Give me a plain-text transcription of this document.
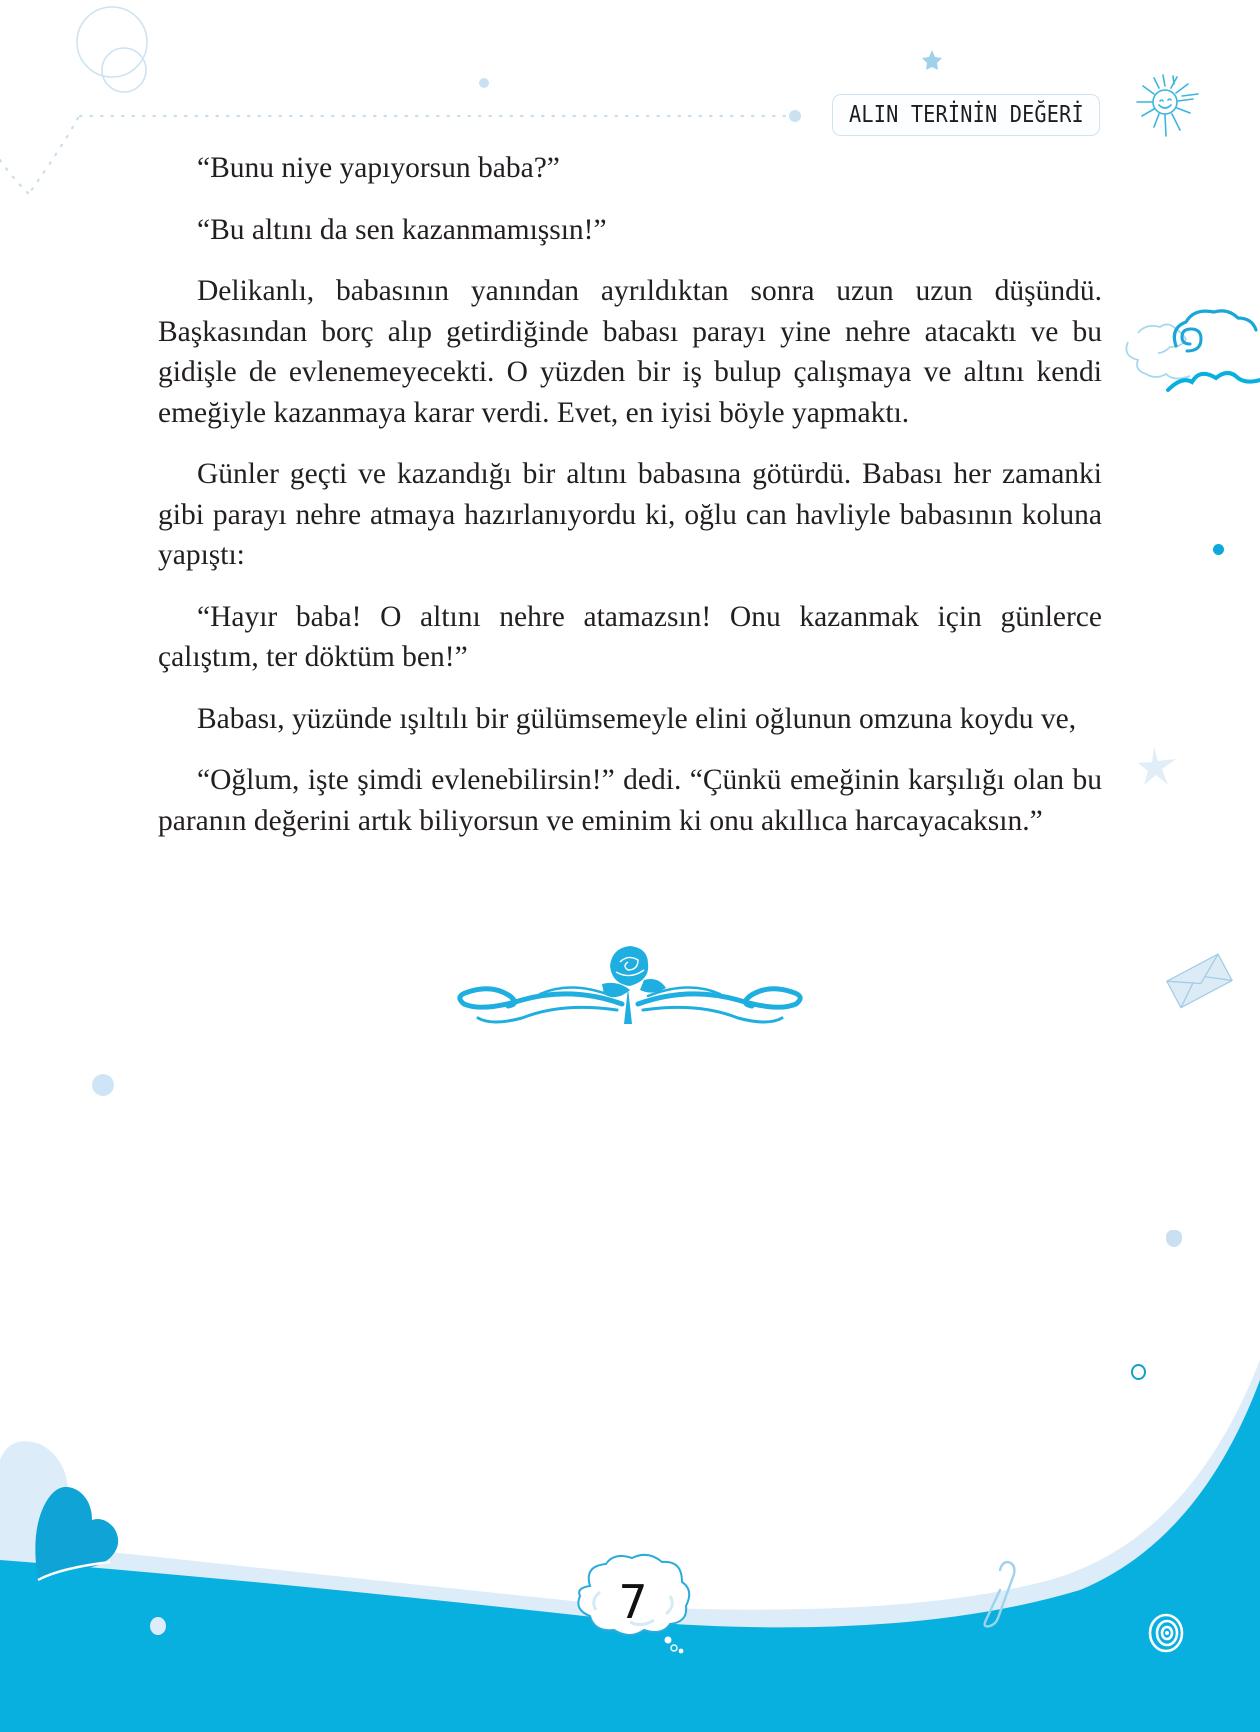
ALIN TERİNİN DEĞERİ

“Bunu niye yapıyorsun baba?”

“Bu altını da sen kazanmamışsın!”

Delikanlı, babasının yanından ayrıldıktan sonra uzun uzun düşündü. Başkasından borç alıp getirdiğinde babası parayı yine nehre atacaktı ve bu gidişle de evlenemeyecekti. O yüzden bir iş bulup çalışmaya ve altını kendi emeğiyle kazanmaya karar verdi. Evet, en iyisi böyle yapmaktı.

Günler geçti ve kazandığı bir altını babasına götürdü. Babası her zamanki gibi parayı nehre atmaya hazırlanıyordu ki, oğlu can havliyle babasının koluna yapıştı:

“Hayır baba! O altını nehre atamazsın! Onu kazanmak için günlerce çalıştım, ter döktüm ben!”

Babası, yüzünde ışıltılı bir gülümsemeyle elini oğlunun omzuna koydu ve,

“Oğlum, işte şimdi evlenebilirsin!” dedi. “Çünkü emeğinin karşılığı olan bu paranın değerini artık biliyorsun ve eminim ki onu akıllıca harcayacaksın.”

7
